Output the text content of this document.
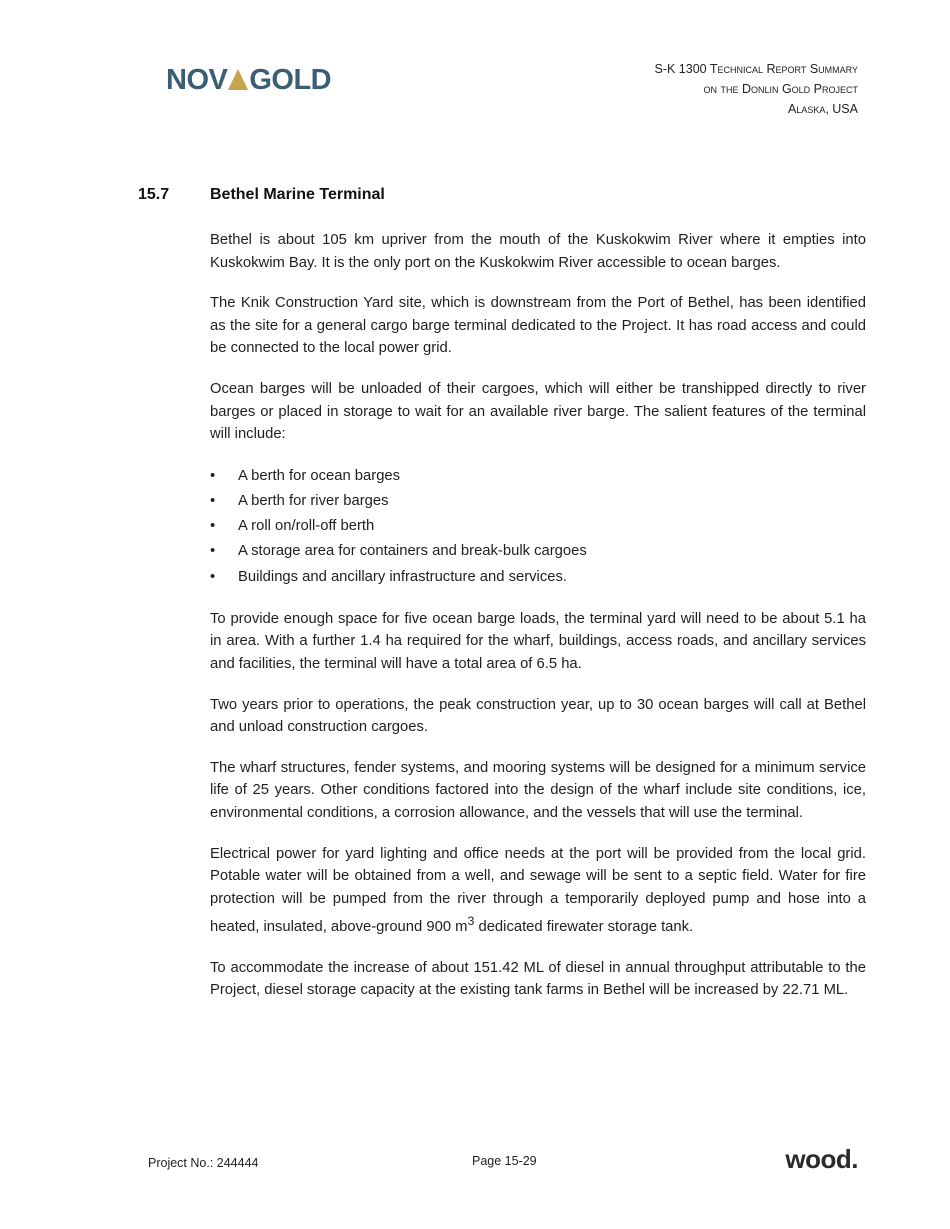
NOV GOLD	S-K 1300 Technical Report Summary
on the Donlin Gold Project
Alaska, USA
15.7	Bethel Marine Terminal

Bethel is about 105 km upriver from the mouth of the Kuskokwim River where it empties into Kuskokwim Bay. It is the only port on the Kuskokwim River accessible to ocean barges.

The Knik Construction Yard site, which is downstream from the Port of Bethel, has been identified as the site for a general cargo barge terminal dedicated to the Project. It has road access and could be connected to the local power grid.

Ocean barges will be unloaded of their cargoes, which will either be transhipped directly to river barges or placed in storage to wait for an available river barge. The salient features of the terminal will include:

• A berth for ocean barges
• A berth for river barges
• A roll on/roll-off berth
• A storage area for containers and break-bulk cargoes
• Buildings and ancillary infrastructure and services.

To provide enough space for five ocean barge loads, the terminal yard will need to be about 5.1 ha in area. With a further 1.4 ha required for the wharf, buildings, access roads, and ancillary services and facilities, the terminal will have a total area of 6.5 ha.

Two years prior to operations, the peak construction year, up to 30 ocean barges will call at Bethel and unload construction cargoes.

The wharf structures, fender systems, and mooring systems will be designed for a minimum service life of 25 years. Other conditions factored into the design of the wharf include site conditions, ice, environmental conditions, a corrosion allowance, and the vessels that will use the terminal.

Electrical power for yard lighting and office needs at the port will be provided from the local grid. Potable water will be obtained from a well, and sewage will be sent to a septic field. Water for fire protection will be pumped from the river through a temporarily deployed pump and hose into a heated, insulated, above-ground 900 $m^3$ dedicated firewater storage tank.

To accommodate the increase of about 151.42 ML of diesel in annual throughput attributable to the Project, diesel storage capacity at the existing tank farms in Bethel will be increased by 22.71 ML.

Project No.: 244444	Page 15-29	wood.
